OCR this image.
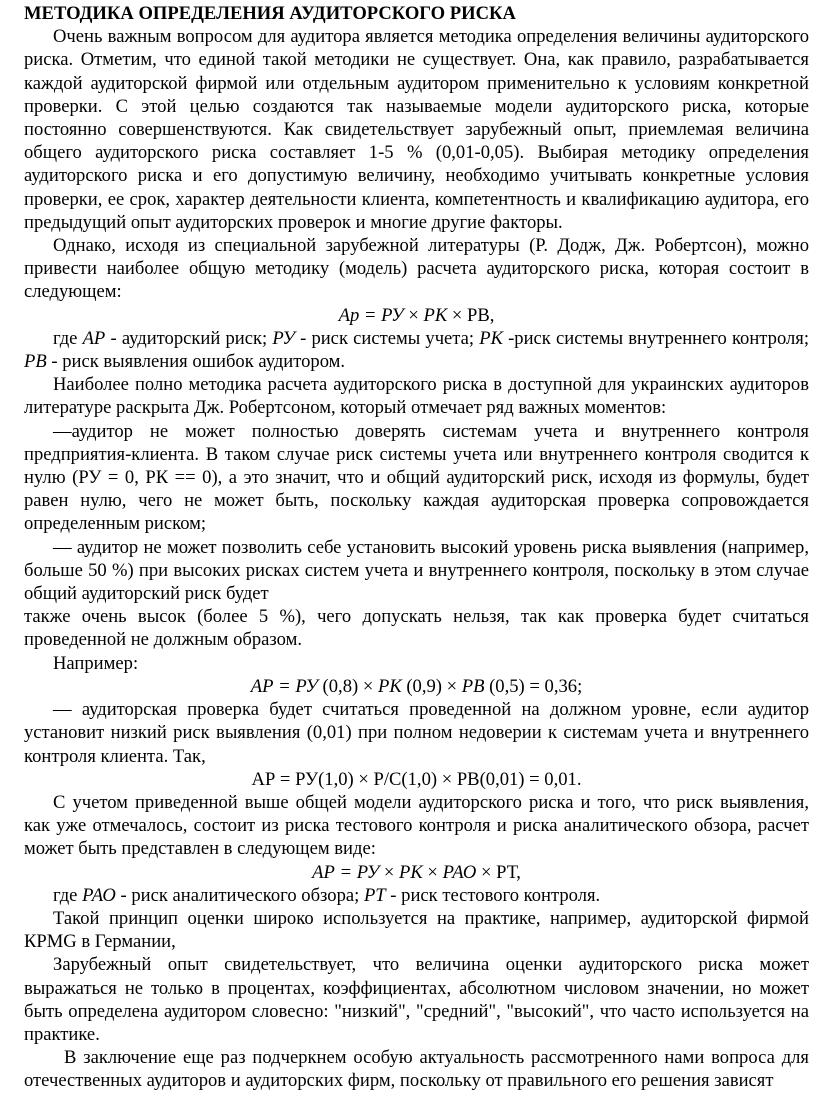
МЕТОДИКА ОПРЕДЕЛЕНИЯ АУДИТОРСКОГО РИСКА

Очень важным вопросом для аудитора является методика определения величины аудиторского риска. Отметим, что единой такой методики не существует. Она, как правило, разрабатывается каждой аудиторской фирмой или отдельным аудитором применительно к условиям конкретной проверки. С этой целью создаются так называемые модели аудиторского риска, которые постоянно совершенствуются. Как свидетельствует зарубежный опыт, приемлемая величина общего аудиторского риска составляет 1-5 % (0,01-0,05). Выбирая методику определения аудиторского риска и его допустимую величину, необходимо учитывать конкретные условия проверки, ее срок, характер деятельности клиента, компетентность и квалификацию аудитора, его предыдущий опыт аудиторских проверок и многие другие факторы.

Однако, исходя из специальной зарубежной литературы (Р. Додж, Дж. Робертсон), можно привести наиболее общую методику (модель) расчета аудиторского риска, которая состоит в следующем:

Ар = РУ × РК × РВ,

где АР - аудиторский риск; РУ - риск системы учета; РК -риск системы внутреннего контроля; РВ - риск выявления ошибок аудитором.

Наиболее полно методика расчета аудиторского риска в доступной для украинских аудиторов литературе раскрыта Дж. Робертсоном, который отмечает ряд важных моментов:

—аудитор не может полностью доверять системам учета и внутреннего контроля предприятия-клиента. В таком случае риск системы учета или внутреннего контроля сводится к нулю (РУ = 0, РК == 0), а это значит, что и общий аудиторский риск, исходя из формулы, будет равен нулю, чего не может быть, поскольку каждая аудиторская проверка сопровождается определенным риском;

— аудитор не может позволить себе установить высокий уровень риска выявления (например, больше 50 %) при высоких рисках систем учета и внутреннего контроля, поскольку в этом случае общий аудиторский риск будет

также очень высок (более 5 %), чего допускать нельзя, так как проверка будет считаться проведенной не должным образом.

Например:

АР = РУ (0,8) × РК (0,9) × РВ (0,5) = 0,36;

— аудиторская проверка будет считаться проведенной на должном уровне, если аудитор установит низкий риск выявления (0,01) при полном недоверии к системам учета и внутреннего контроля клиента. Так,

АР = РУ(1,0) × Р/С(1,0) × РВ(0,01) = 0,01.

С учетом приведенной выше общей модели аудиторского риска и того, что риск выявления, как уже отмечалось, состоит из риска тестового контроля и риска аналитического обзора, расчет может быть представлен в следующем виде:

АР = РУ × РК × РАО × РТ,

где РАО - риск аналитического обзора; РТ - риск тестового контроля.

Такой принцип оценки широко используется на практике, например, аудиторской фирмой КРМG в Германии,

Зарубежный опыт свидетельствует, что величина оценки аудиторского риска может выражаться не только в процентах, коэффициентах, абсолютном числовом значении, но может быть определена аудитором словесно: "низкий", "средний", "высокий", что часто используется на практике.

В заключение еще раз подчеркнем особую актуальность рассмотренного нами вопроса для отечественных аудиторов и аудиторских фирм, поскольку от правильного его решения зависят
